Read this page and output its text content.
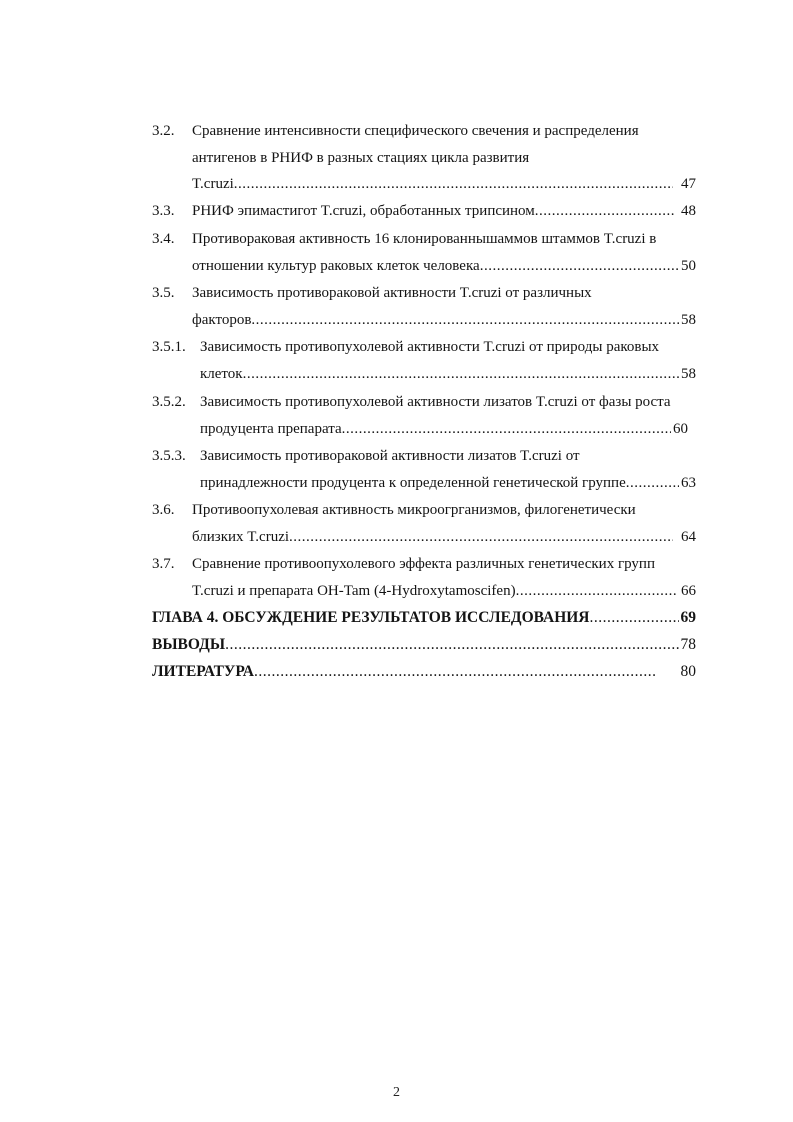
3.2. Сравнение интенсивности специфического свечения и распределения
антигенов в РНИФ в разных стациях цикла развития
T.cruzi .....	47
3.3.	РНИФ эпимастигот T.cruzi, обработанных трипсином .....	48
3.4. Противораковая активность 16 клонированнышаммов штаммов T.cruzi в
отношении культур раковых клеток человека .....	50
3.5. Зависимость противораковой активности T.cruzi от различных
факторов .....	58
3.5.1. Зависимость противопухолевой активности T.cruzi от природы раковых
клеток .....	58
3.5.2. Зависимость противопухолевой активности лизатов T.cruzi от фазы роста
продуцента препарата .....	60
3.5.3. Зависимость противораковой активности лизатов T.cruzi от
принадлежности продуцента к определенной генетической группе .....	63
3.6. Противоопухолевая активность микроогрганизмов, филогенетически
близких T.cruzi .....	64
3.7. Сравнение противоопухолевого эффекта различных генетических групп
T.cruzi и препарата OH-Tam (4-Hydroxytamoscifen) .....	66
ГЛАВА 4. ОБСУЖДЕНИЕ РЕЗУЛЬТАТОВ ИССЛЕДОВАНИЯ .....	69
ВЫВОДЫ .....	78
ЛИТЕРАТУРА .....	80
2
